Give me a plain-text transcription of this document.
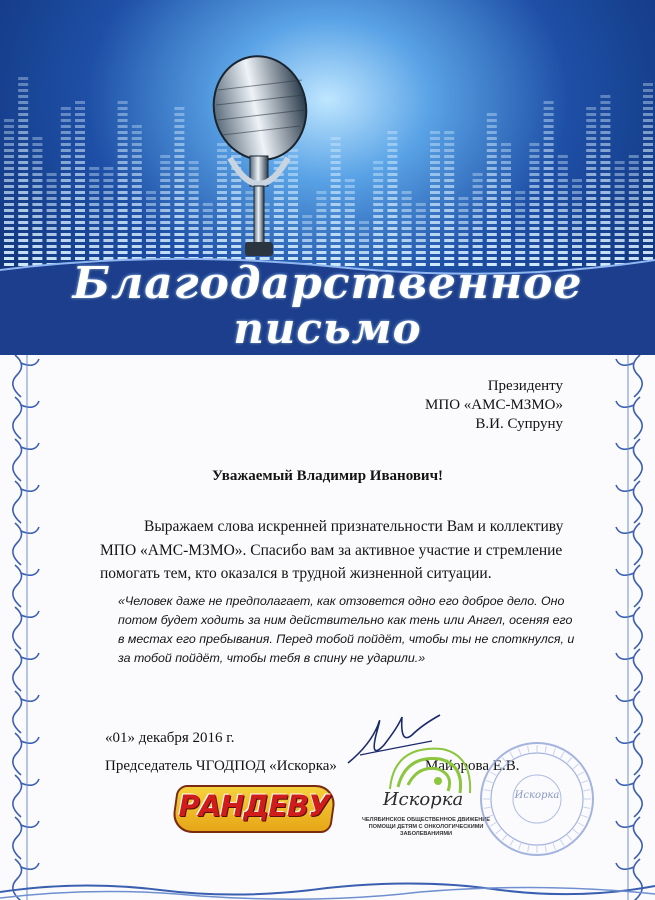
Благодарственное
письмо
Президенту
МПО «АМС-МЗМО»
В.И. Супруну
Уважаемый Владимир Иванович!
Выражаем слова искренней признательности Вам и коллективу МПО «АМС-МЗМО». Спасибо вам за активное участие и стремление помогать тем, кто оказался в трудной жизненной ситуации.
«Человек даже не предполагает, как отзовется одно его доброе дело. Оно потом будет ходить за ним действительно как тень или Ангел, осеняя его в местах его пребывания. Перед тобой пойдёт, чтобы ты не споткнулся, и за тобой пойдёт, чтобы тебя в спину не ударили.»
«01» декабря 2016 г.
Председатель ЧГОДПОД «Искорка»	Майорова Е.В.
РАНДЕВУ	Искорка
ЧЕЛЯБИНСКОЕ ОБЩЕСТВЕННОЕ ДВИЖЕНИЕ ПОМОЩИ ДЕТЯМ С ОНКОЛОГИЧЕСКИМИ ЗАБОЛЕВАНИЯМИ
Искорка
